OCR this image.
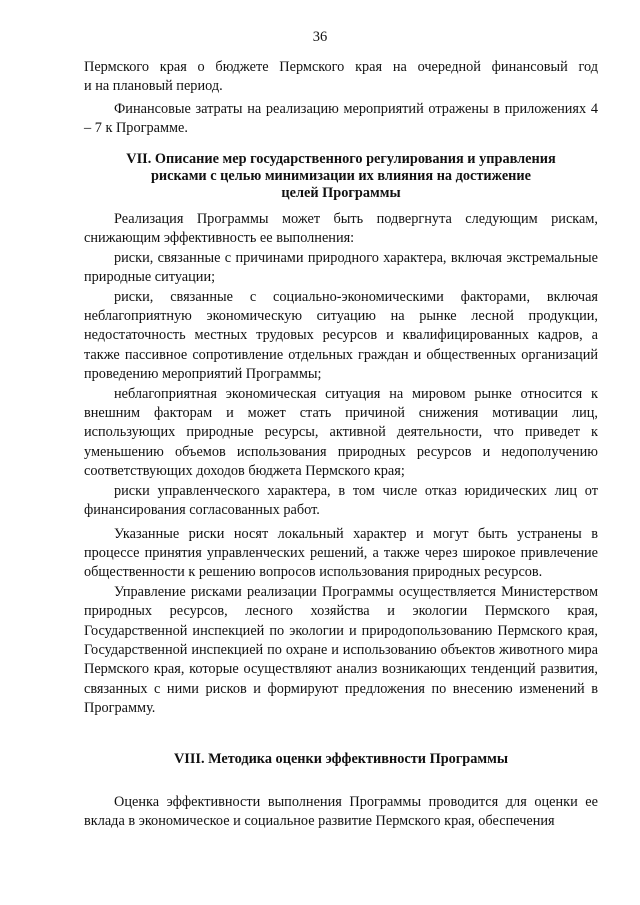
36

Пермского края о бюджете Пермского края на очередной финансовый год

и на плановый период.

Финансовые затраты на реализацию мероприятий отражены в приложениях 4 – 7 к Программе.

VII. Описание мер государственного регулирования и управления
рисками с целью минимизации их влияния на достижение
целей Программы

Реализация Программы может быть подвергнута следующим рискам, снижающим эффективность ее выполнения:

риски, связанные с причинами природного характера, включая экстремальные природные ситуации;

риски, связанные с социально-экономическими факторами, включая неблагоприятную экономическую ситуацию на рынке лесной продукции, недостаточность местных трудовых ресурсов и квалифицированных кадров, а также пассивное сопротивление отдельных граждан и общественных организаций проведению мероприятий Программы;

неблагоприятная экономическая ситуация на мировом рынке относится к внешним факторам и может стать причиной снижения мотивации лиц, использующих природные ресурсы, активной деятельности, что приведет к уменьшению объемов использования природных ресурсов и недополучению соответствующих доходов бюджета Пермского края;

риски управленческого характера, в том числе отказ юридических лиц от финансирования согласованных работ.

Указанные риски носят локальный характер и могут быть устранены в процессе принятия управленческих решений, а также через широкое привлечение общественности к решению вопросов использования природных ресурсов.

Управление рисками реализации Программы осуществляется Министерством природных ресурсов, лесного хозяйства и экологии Пермского края, Государственной инспекцией по экологии и природопользованию Пермского края, Государственной инспекцией по охране и использованию объектов животного мира Пермского края, которые осуществляют анализ возникающих тенденций развития, связанных с ними рисков и формируют предложения по внесению изменений в Программу.

VIII. Методика оценки эффективности Программы

Оценка эффективности выполнения Программы проводится для оценки ее вклада в экономическое и социальное развитие Пермского края, обеспечения
